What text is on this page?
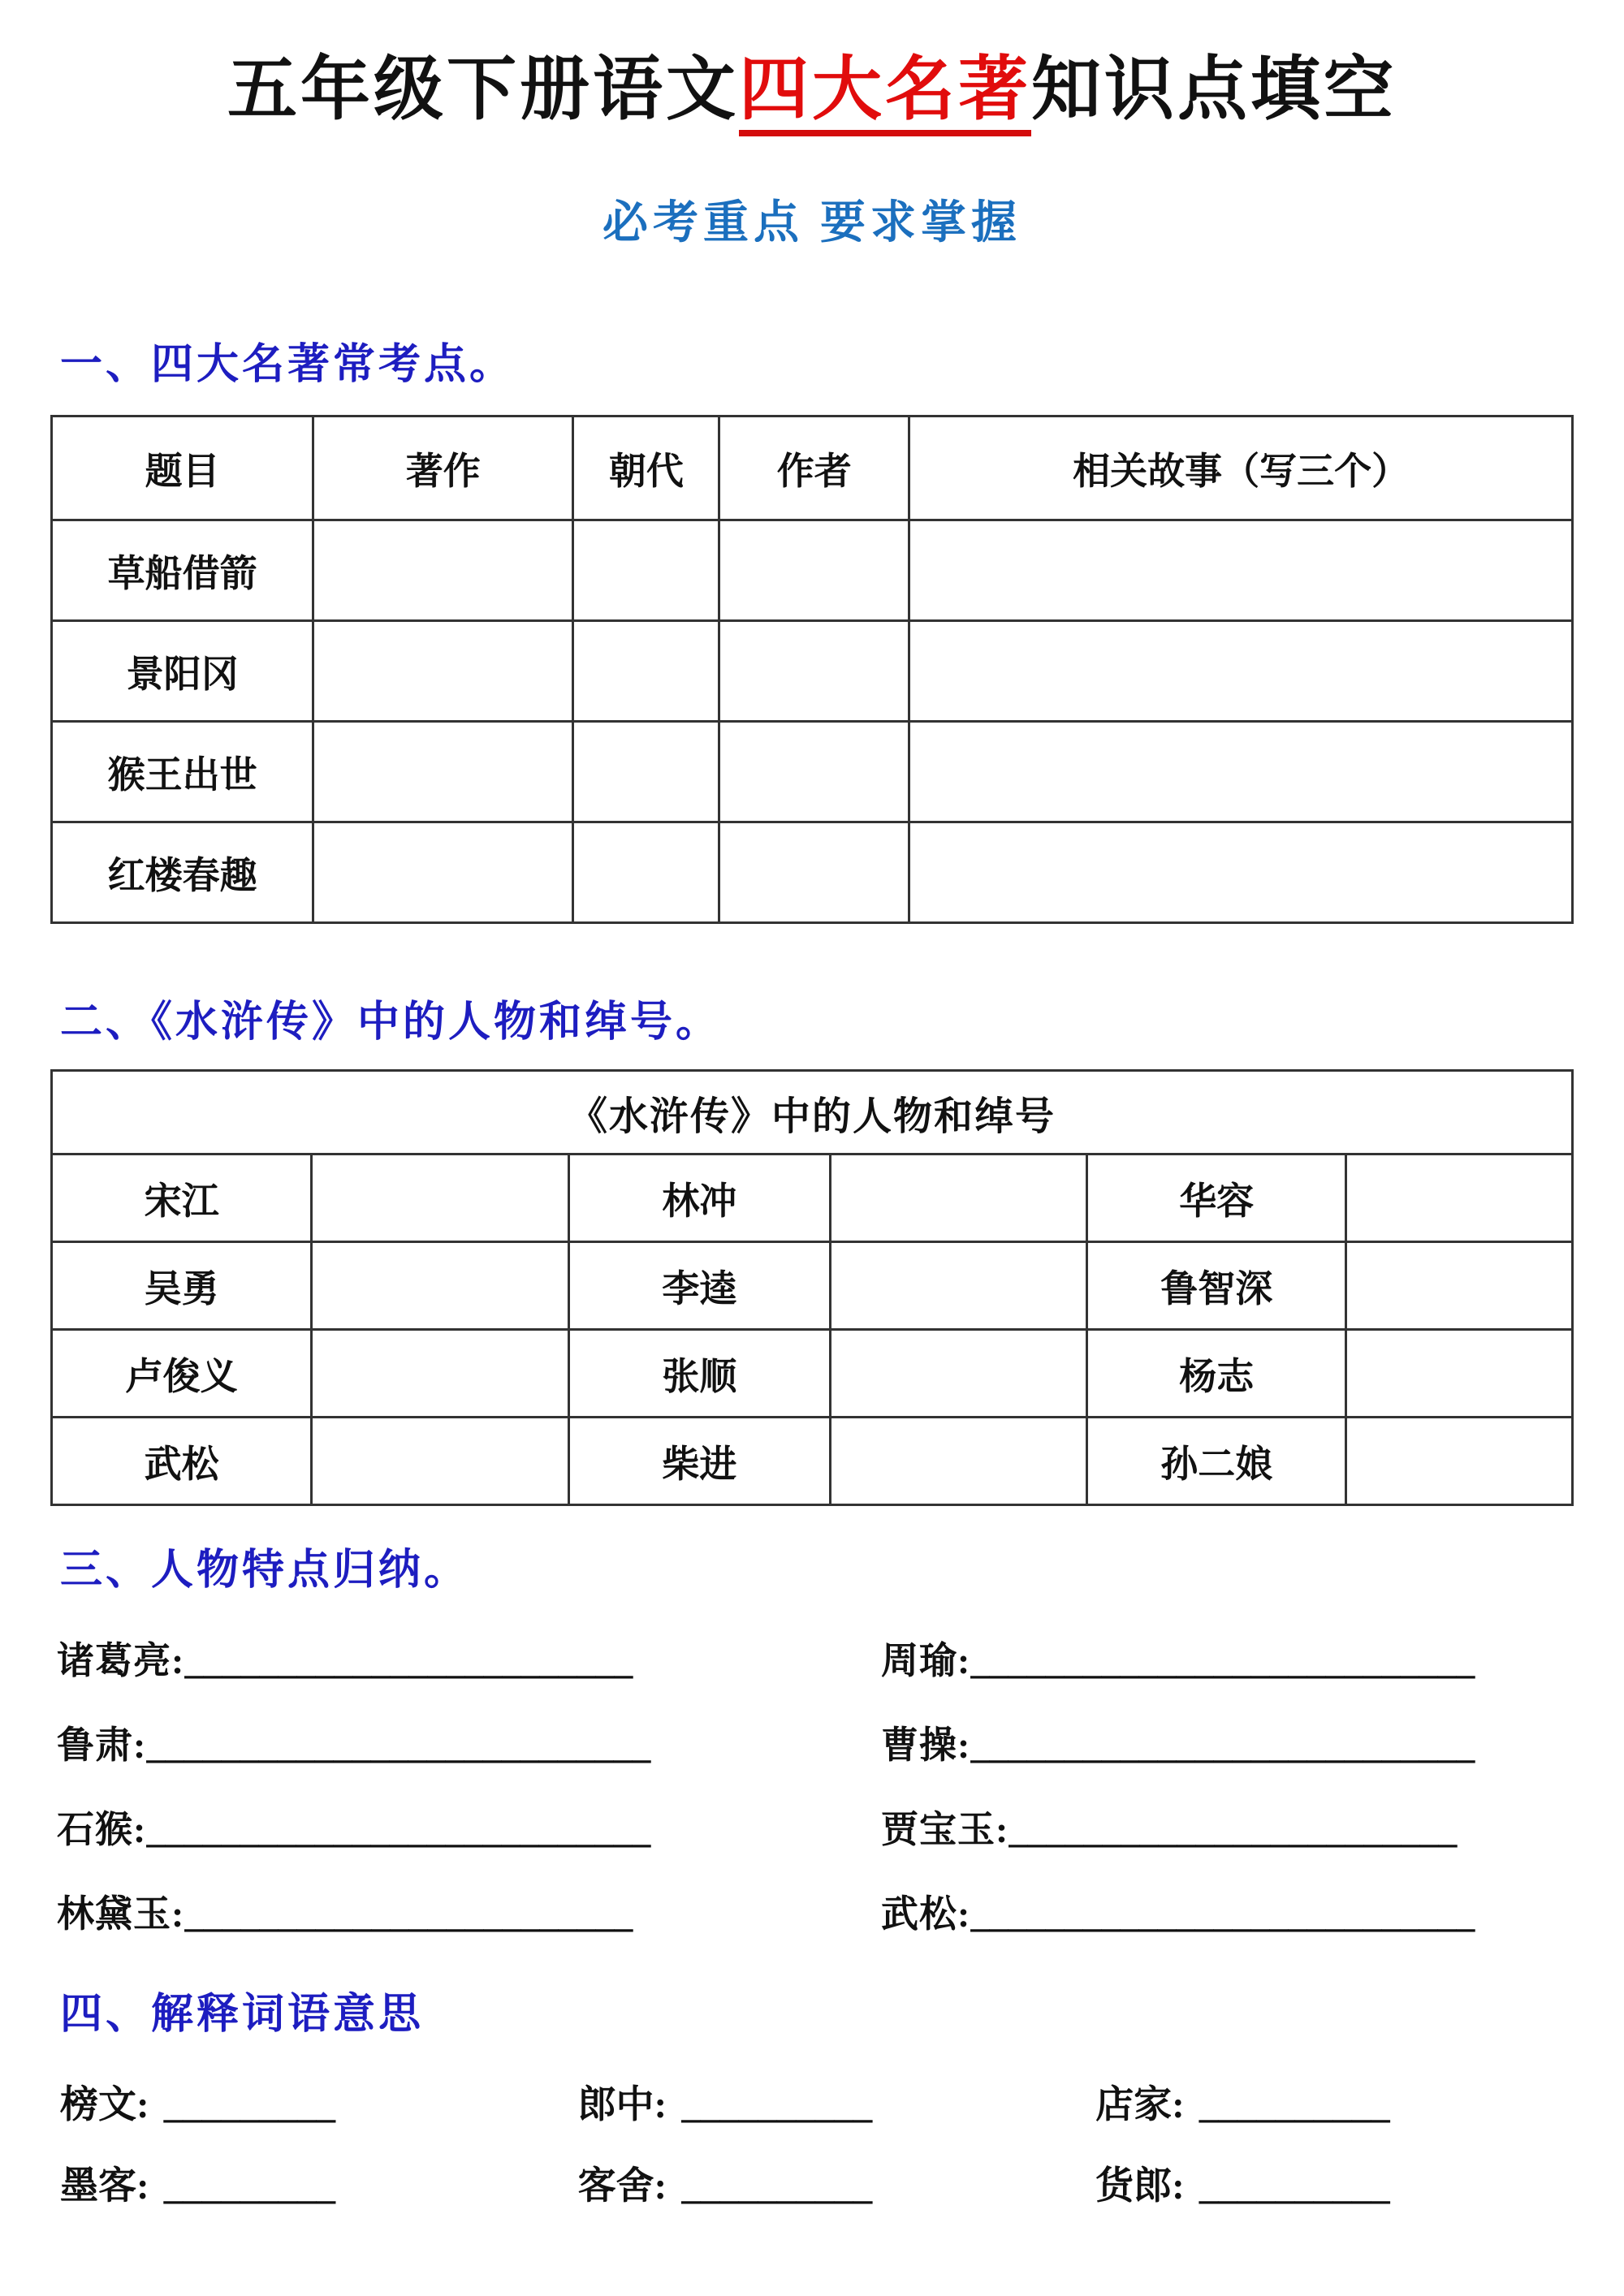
五年级下册语文四大名著知识点填空
必考重点 要求掌握
一、四大名著常考点。
题目	著作	朝代	作者	相关故事（写三个）
草船借箭				
景阳冈				
猴王出世				
红楼春趣				
二、《水浒传》中的人物和绰号。
《水浒传》中的人物和绰号					
宋江		林冲		华容	
吴勇		李逵		鲁智深	
卢俊义		张顺		杨志	
武松		柴进		孙二娘	
三、人物特点归纳。
诸葛亮:________________________	周瑜:___________________________
鲁肃:___________________________	曹操:___________________________
石猴:___________________________	贾宝玉:________________________
林黛玉:________________________	武松:___________________________
四、解释词语意思
榜文: _________	郎中: __________	店家: __________
墨客: _________	客舍: __________	货郎: __________
